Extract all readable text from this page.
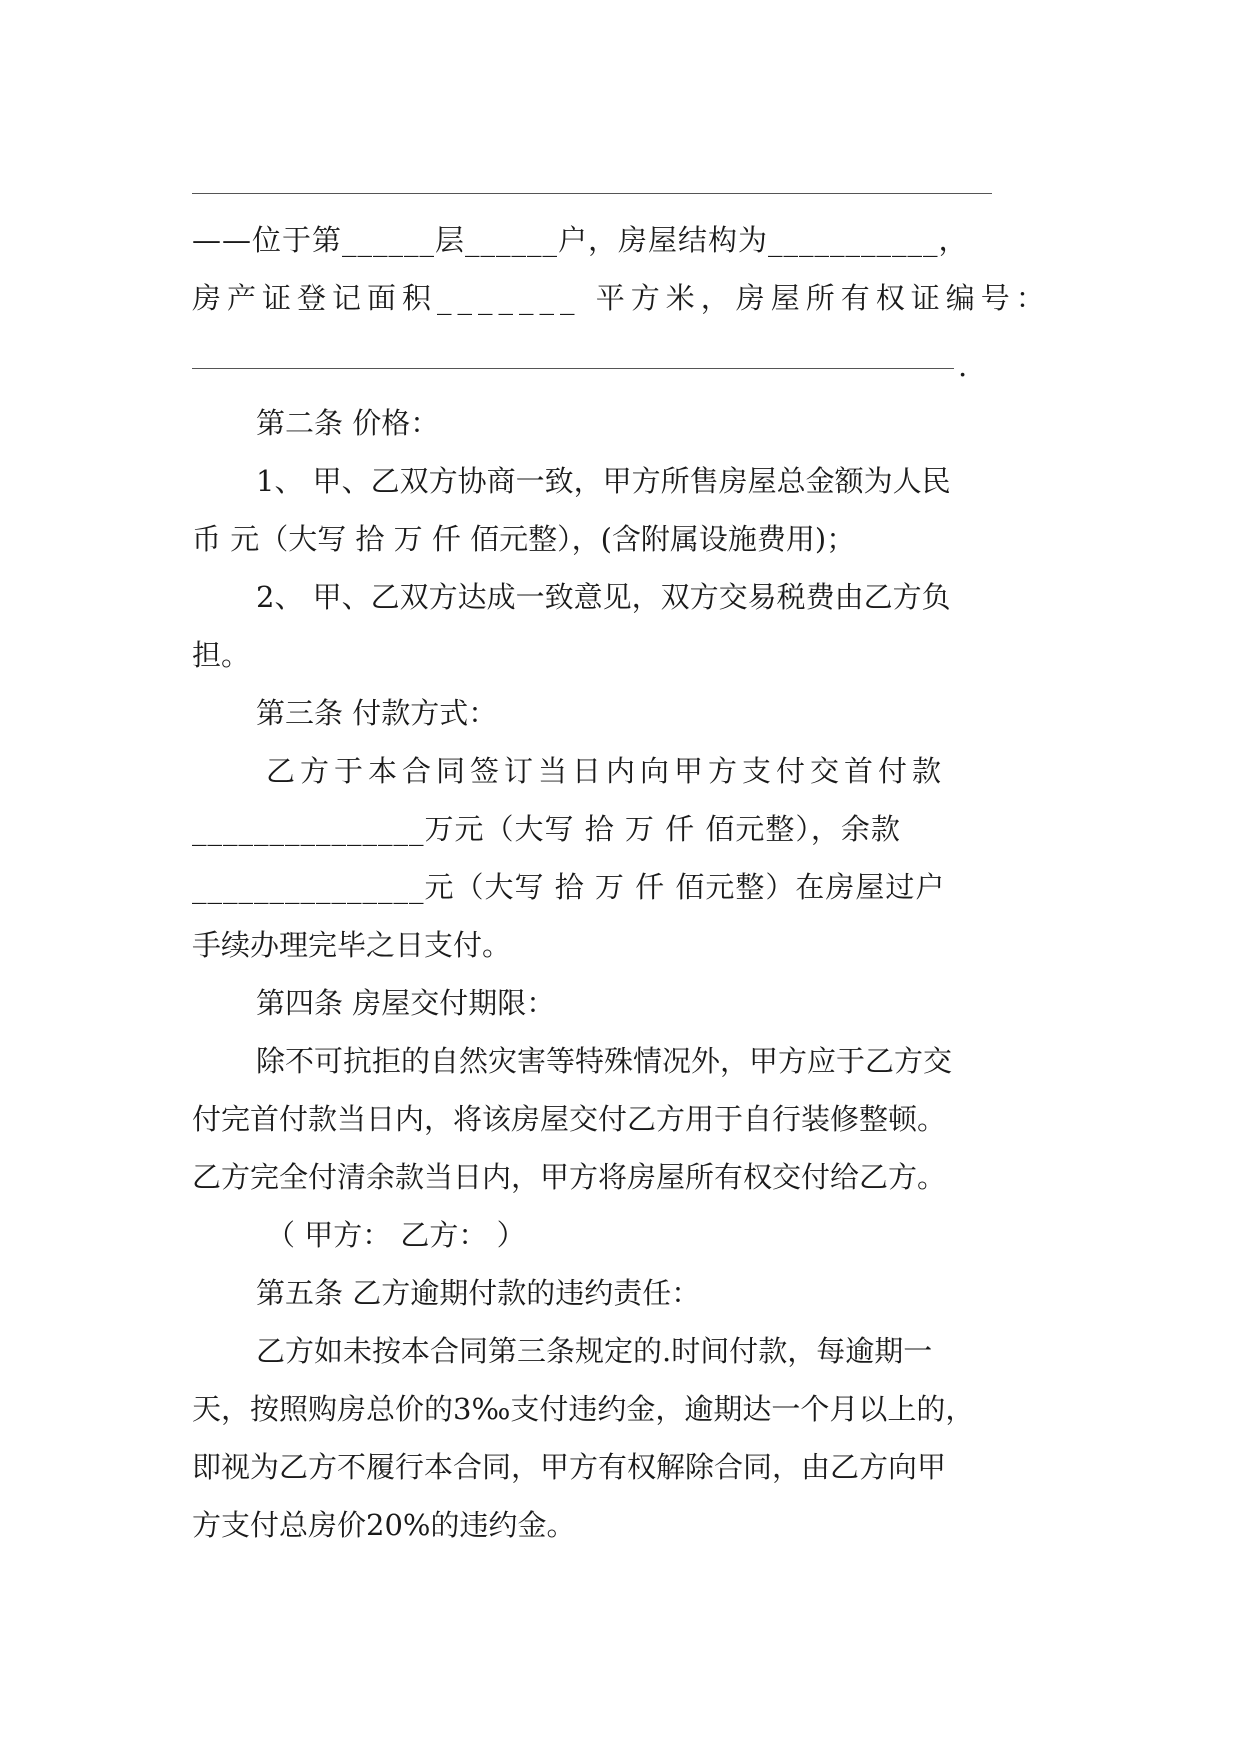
——位于第______层______户，房屋结构为___________，
房产证登记面积_______ 平方米，房屋所有权证编号：
.
第二条 价格：
1、 甲、乙双方协商一致，甲方所售房屋总金额为人民
币 元（大写 拾 万 仟 佰元整），(含附属设施费用)；
2、 甲、乙双方达成一致意见，双方交易税费由乙方负
担。
第三条 付款方式：
乙方于本合同签订当日内向甲方支付交首付款
_______________万元（大写 拾 万 仟 佰元整），余款
_______________元（大写 拾 万 仟 佰元整）在房屋过户
手续办理完毕之日支付。
第四条 房屋交付期限：
除不可抗拒的自然灾害等特殊情况外，甲方应于乙方交
付完首付款当日内，将该房屋交付乙方用于自行装修整顿。
乙方完全付清余款当日内，甲方将房屋所有权交付给乙方。
（ 甲方： 乙方： ）
第五条 乙方逾期付款的违约责任：
乙方如未按本合同第三条规定的.时间付款，每逾期一
天，按照购房总价的3‰支付违约金，逾期达一个月以上的，
即视为乙方不履行本合同，甲方有权解除合同，由乙方向甲
方支付总房价20%的违约金。
